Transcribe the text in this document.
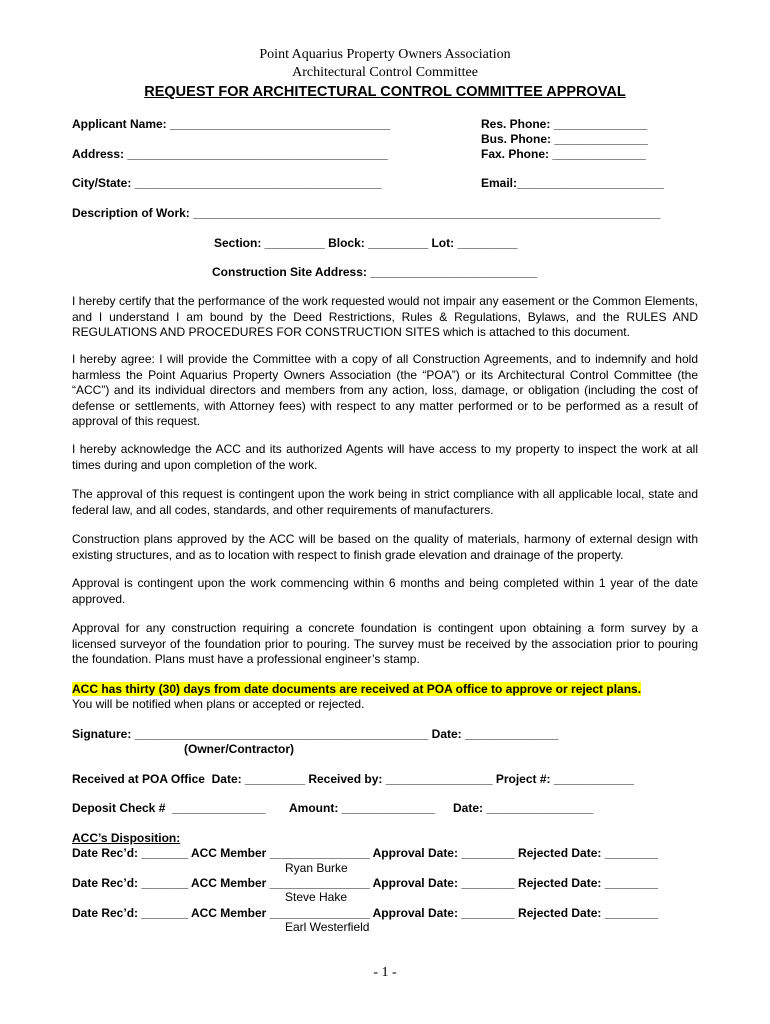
Point Aquarius Property Owners Association
Architectural Control Committee
REQUEST FOR ARCHITECTURAL CONTROL COMMITTEE APPROVAL
Applicant Name: _________________________________
Address: _______________________________________
City/State: _____________________________________
Res. Phone: ______________
Bus. Phone: ______________
Fax. Phone: ______________
Email:______________________
Description of Work: ______________________________________________________________________
Section: _________ Block: _________ Lot: _________
Construction Site Address: _________________________
I hereby certify that the performance of the work requested would not impair any easement or the Common Elements, and I understand I am bound by the Deed Restrictions, Rules & Regulations, Bylaws, and the RULES AND REGULATIONS AND PROCEDURES FOR CONSTRUCTION SITES which is attached to this document.
I hereby agree: I will provide the Committee with a copy of all Construction Agreements, and to indemnify and hold harmless the Point Aquarius Property Owners Association (the “POA”) or its Architectural Control Committee (the “ACC”) and its individual directors and members from any action, loss, damage, or obligation (including the cost of defense or settlements, with Attorney fees) with respect to any matter performed or to be performed as a result of approval of this request.
I hereby acknowledge the ACC and its authorized Agents will have access to my property to inspect the work at all times during and upon completion of the work.
The approval of this request is contingent upon the work being in strict compliance with all applicable local, state and federal law, and all codes, standards, and other requirements of manufacturers.
Construction plans approved by the ACC will be based on the quality of materials, harmony of external design with existing structures, and as to location with respect to finish grade elevation and drainage of the property.
Approval is contingent upon the work commencing within 6 months and being completed within 1 year of the date approved.
Approval for any construction requiring a concrete foundation is contingent upon obtaining a form survey by a licensed surveyor of the foundation prior to pouring. The survey must be received by the association prior to pouring the foundation. Plans must have a professional engineer’s stamp.
ACC has thirty (30) days from date documents are received at POA office to approve or reject plans.
You will be notified when plans or accepted or rejected.
Signature: ____________________________________________ Date: ______________
(Owner/Contractor)
Received at POA Office  Date: _________ Received by: ________________ Project #: ____________
Deposit Check #  ______________ Amount: ______________ Date: ________________
ACC’s Disposition:
Date Rec’d: _______ ACC Member _______________ Approval Date: ________ Rejected Date: ________
Ryan Burke
Date Rec’d: _______ ACC Member _______________ Approval Date: ________ Rejected Date: ________
Steve Hake
Date Rec’d: _______ ACC Member _______________ Approval Date: ________ Rejected Date: ________
Earl Westerfield
- 1 -
